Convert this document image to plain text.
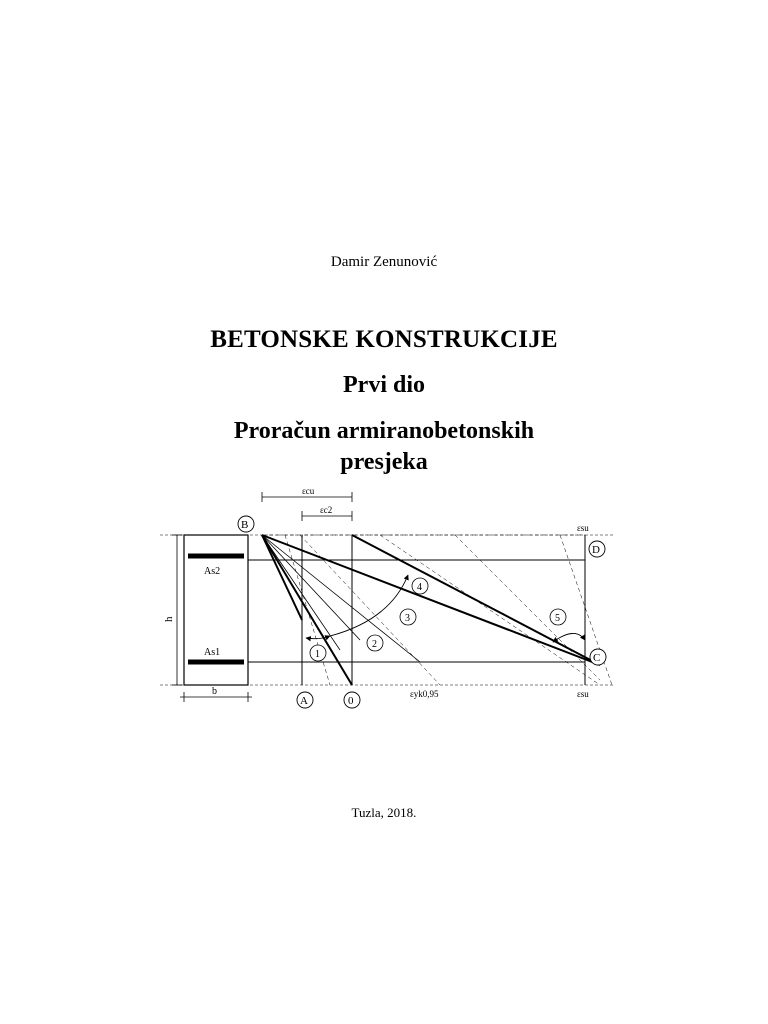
Damir Zenunović
BETONSKE KONSTRUKCIJE
Prvi dio
Proračun armiranobetonskih
presjeka
As2
As1
h
b
εcu
εc2
εsu
εyk0,95	εsu
B
D
C
A	0
1
2
3
4
5
Tuzla, 2018.
